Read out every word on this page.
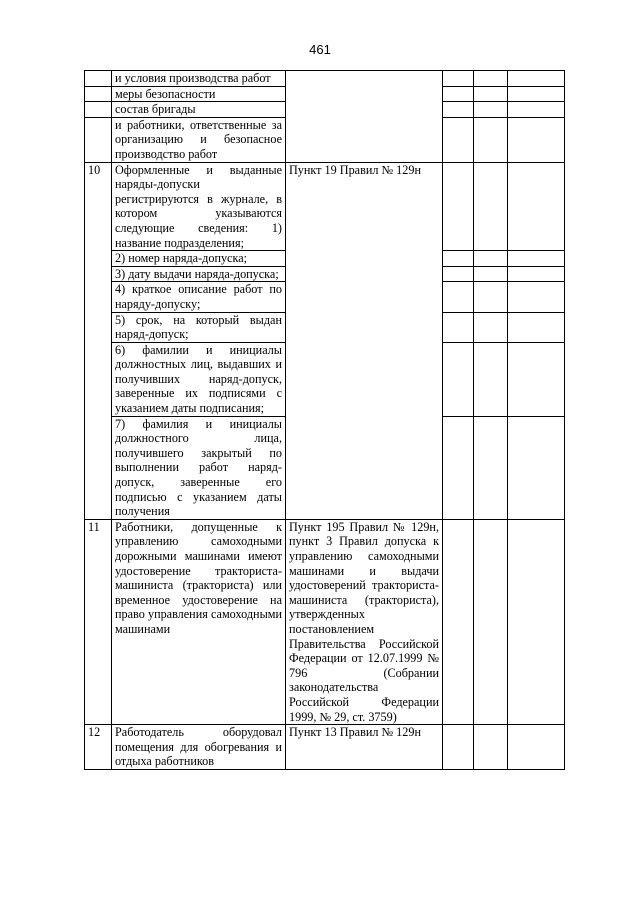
461

	и условия производства работ				

	меры безопасности				

	состав бригады				

	и работники, ответственные за организацию и безопасное производство работ				

10	Оформленные и выданные наряды-допуски регистрируются в журнале, в котором указываются следующие сведения: 1) название подразделения;	Пункт 19 Правил № 129н			

	2) номер наряда-допуска;				

	3) дату выдачи наряда-допуска;				

	4) краткое описание работ по наряду-допуску;				

	5) срок, на который выдан наряд-допуск;				

	6) фамилии и инициалы должностных лиц, выдавших и получивших наряд-допуск, заверенные их подписями с указанием даты подписания;				

	7) фамилия и инициалы должностного лица, получившего закрытый по выполнении работ наряд-допуск, заверенные его подписью с указанием даты получения				

11	Работники, допущенные к управлению самоходными дорожными машинами имеют удостоверение тракториста-машиниста (тракториста) или временное удостоверение на право управления самоходными машинами	Пункт 195 Правил № 129н, пункт 3 Правил допуска к управлению самоходными машинами и выдачи удостоверений тракториста-машиниста (тракториста), утвержденных постановлением Правительства Российской Федерации от 12.07.1999 № 796 (Собрании законодательства Российской Федерации 1999, № 29, ст. 3759)			
12	Работодатель оборудовал помещения для обогревания и отдыха работников	Пункт 13 Правил № 129н			
